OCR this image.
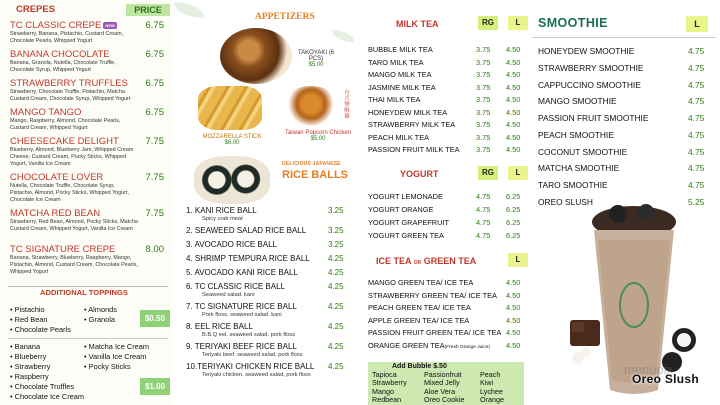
CREPES	PRICE
TC CLASSIC CREPE NEW	6.75
Strawberry, Banana, Pistachio, Custard Cream, Chocolate Pearls, Whipped Yogurt
BANANA CHOCOLATE	6.75
Banana, Granola, Nutella, Chocolate Truffle, Chocolate Syrup, Whipped Yogurt
STRAWBERRY TRUFFLES	6.75
Strawberry, Chocolate Truffle, Pistachio, Matcha Custard Cream, Chocolate Syrup, Whipped Yogurt
MANGO TANGO	6.75
Mango, Raspberry, Almond, Chocolate Pearls, Custard Cream, Whipped Yogurt
CHEESECAKE DELIGHT	7.75
Blueberry, Almond, Blueberry Jam, Whipped Cream Cheese, Custard Cream, Pocky Sticks, Whipped Yogurt, Vanilla Ice Cream
CHOCOLATE LOVER	7.75
Nutella, Chocolate Truffle, Chocolate Syrup, Pistachio, Almond, Pocky Sticks, Whipped Yogurt, Chocolate Ice Cream
MATCHA RED BEAN	7.75
Strawberry, Red Bean, Almond, Pocky Sticks, Matcha Custard Cream, Whipped Yogurt, Vanilla Ice Cream
TC SIGNATURE CREPE	8.00
Banana, Strawberry, Blueberry, Raspberry, Mango, Pistachio, Almond, Custard Cream, Chocolate Pearls, Whipped Yogurt
ADDITIONAL TOPPINGS
• Pistachio
• Red Bean
• Chocolate Pearls
• Almonds
• Granola	$0.50
• Banana
• Blueberry
• Strawberry
• Raspberry
• Chocolate Truffles
• Chocolate Ice Cream
• Matcha Ice Cream
• Vanilla Ice Cream
• Pocky Sticks
$1.00
APPETIZERS
TAKOYAKI (6 PCS)
$5.00
MOZZARELLA STICK
$6.00
台式鹽酥雞
Taiwan Popcorn Chicken
$5.00
DELICIOUS JAPANESE
RICE BALLS
1. KANI RICE BALL	3.25
Spicy crab meat
2. SEAWEED SALAD RICE BALL	3.25
3. AVOCADO RICE BALL	3.25
4. SHRIMP TEMPURA RICE BALL	4.25
5. AVOCADO KANI RICE BALL	4.25
6. TC CLASSIC RICE BALL	4.25
Seaweed salad. kani
7. TC SIGNATURE RICE BALL	4.25
Pork floss. seaweed salad. kani
8. EEL RICE BALL	4.25
B.B.Q eel. seaweed salad. pork floss
9. TERIYAKI BEEF RICE BALL	4.25
Teriyaki beef. seaweed salad. pork floss
10.TERIYAKI CHICKEN RICE BALL	4.25
Teriyaki chicken, seaweed salad, pork floss
MILK TEA	RG	L
BUBBLE MILK TEA	3.75 4.50
TARO MILK TEA	3.75 4.50
MANGO MILK TEA	3.75 4.50
JASMINE MILK TEA	3.75 4.50
THAI MILK TEA	3.75 4.50
HONEYDEW MILK TEA	3.75 4.50
STRAWBERRY MILK TEA	3.75 4.50
PEACH MILK TEA	3.75 4.50
PASSION FRUIT MILK TEA	3.75 4.50
YOGURT	RG	L
YOGURT LEMONADE	4.75 6.25
YOGURT ORANGE	4.75 6.25
YOGURT GRAPEFRUIT	4.75 6.25
YOGURT GREEN TEA	4.75 6.25
ICE TEA OR GREEN TEA	L
MANGO GREEN TEA/ ICE TEA	4.50
STRAWBERRY GREEN TEA/ ICE TEA	4.50
PEACH GREEN TEA/ ICE TEA	4.50
APPLE GREEN TEA/ ICE TEA	4.50
PASSION FRUIT GREEN TEA/ ICE TEA 4.50
ORANGE GREEN TEA(Fresh Orange Juice)	4.50
Add Bubble $.50
Tapioca
Strawberry
Mango
Redbean
Passionfruit
Mixed Jelly
Aloe Vera
Oreo Cookie
Peach
Kiwi
Lychee
Orange
SMOOTHIE	L
HONEYDEW SMOOTHIE	4.75
STRAWBERRY SMOOTHIE	4.75
CAPPUCCINO SMOOTHIE	4.75
MANGO SMOOTHIE	4.75
PASSION FRUIT SMOOTHIE	4.75
PEACH SMOOTHIE	4.75
COCONUT SMOOTHIE	4.75
MATCHA SMOOTHIE	4.75
TARO SMOOTHIE	4.75
OREO SLUSH	5.25
menupix
Oreo Slush
